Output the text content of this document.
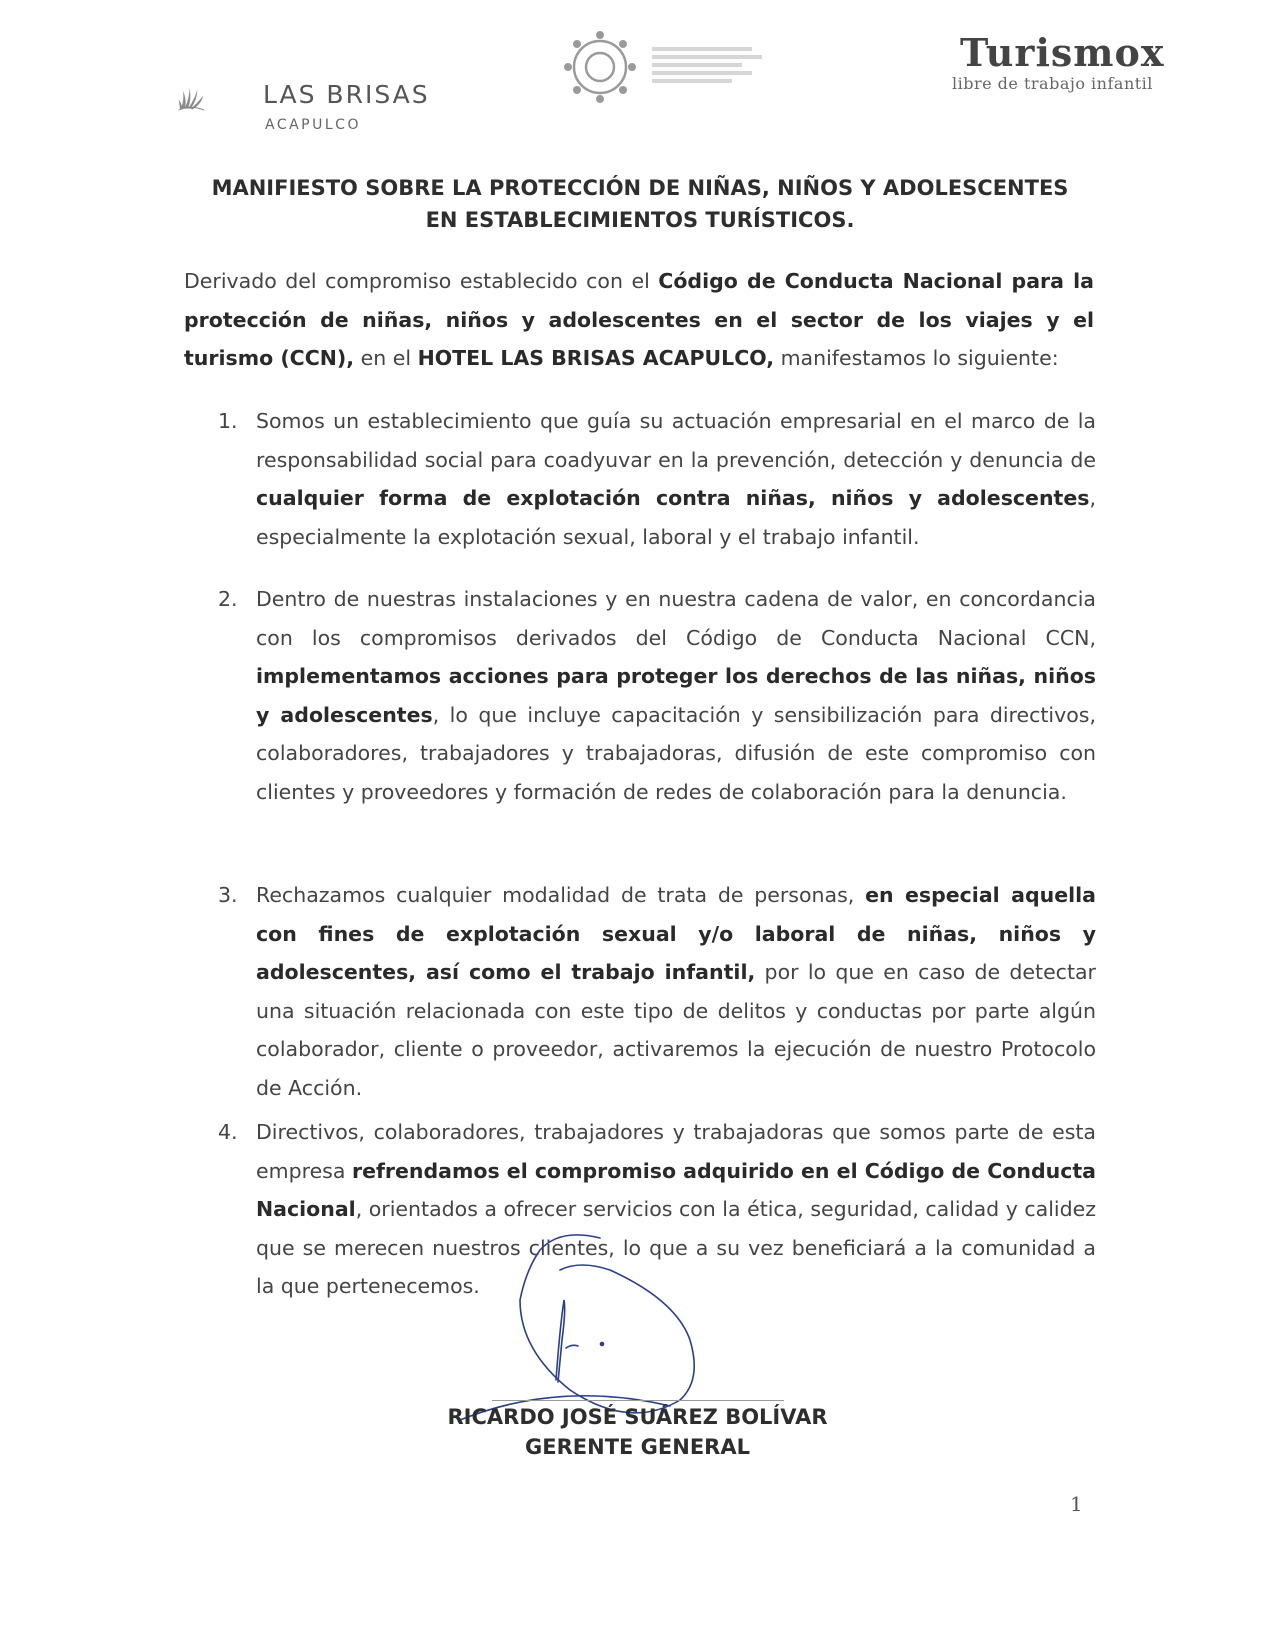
LAS BRISAS
ACAPULCO
Turismox
libre de trabajo infantil
MANIFIESTO SOBRE LA PROTECCIÓN DE NIÑAS, NIÑOS Y ADOLESCENTES
EN ESTABLECIMIENTOS TURÍSTICOS.
Derivado del compromiso establecido con el Código de Conducta Nacional para la protección de niñas, niños y adolescentes en el sector de los viajes y el turismo (CCN), en el HOTEL LAS BRISAS ACAPULCO, manifestamos lo siguiente:
1. Somos un establecimiento que guía su actuación empresarial en el marco de la responsabilidad social para coadyuvar en la prevención, detección y denuncia de cualquier forma de explotación contra niñas, niños y adolescentes, especialmente la explotación sexual, laboral y el trabajo infantil.
2. Dentro de nuestras instalaciones y en nuestra cadena de valor, en concordancia con los compromisos derivados del Código de Conducta Nacional CCN, implementamos acciones para proteger los derechos de las niñas, niños y adolescentes, lo que incluye capacitación y sensibilización para directivos, colaboradores, trabajadores y trabajadoras, difusión de este compromiso con clientes y proveedores y formación de redes de colaboración para la denuncia.
3. Rechazamos cualquier modalidad de trata de personas, en especial aquella con fines de explotación sexual y/o laboral de niñas, niños y adolescentes, así como el trabajo infantil, por lo que en caso de detectar una situación relacionada con este tipo de delitos y conductas por parte algún colaborador, cliente o proveedor, activaremos la ejecución de nuestro Protocolo de Acción.
4. Directivos, colaboradores, trabajadores y trabajadoras que somos parte de esta empresa refrendamos el compromiso adquirido en el Código de Conducta Nacional, orientados a ofrecer servicios con la ética, seguridad, calidad y calidez que se merecen nuestros clientes, lo que a su vez beneficiará a la comunidad a la que pertenecemos.
RICARDO JOSÉ SUÁREZ BOLÍVAR
GERENTE GENERAL
1
